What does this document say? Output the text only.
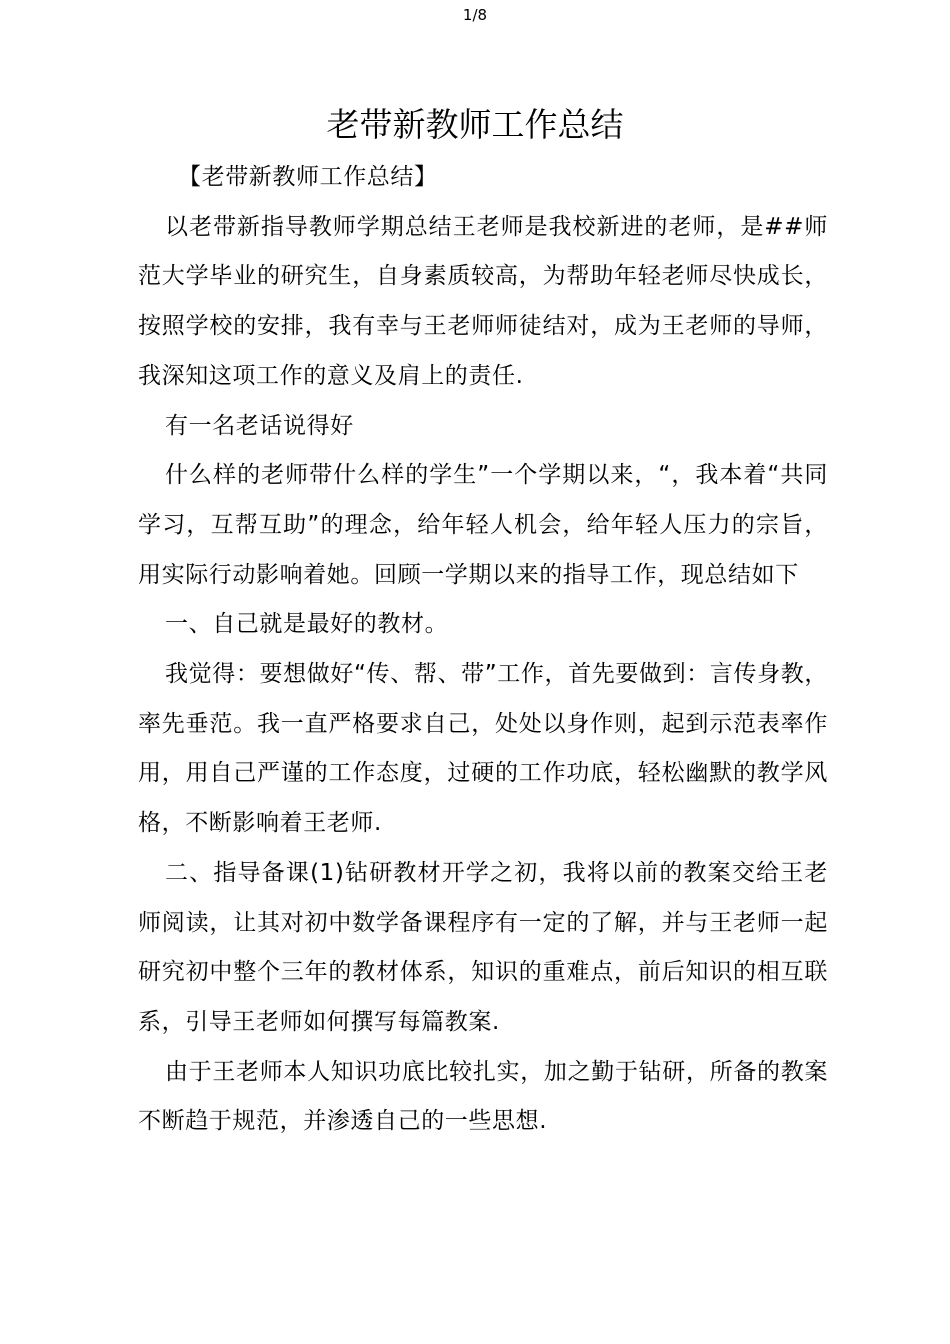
1/8
老带新教师工作总结

【老带新教师工作总结】

以老带新指导教师学期总结王老师是我校新进的老师，是##师范大学毕业的研究生，自身素质较高，为帮助年轻老师尽快成长，按照学校的安排，我有幸与王老师师徒结对，成为王老师的导师，我深知这项工作的意义及肩上的责任.

有一名老话说得好

什么样的老师带什么样的学生”一个学期以来，“，我本着“共同学习，互帮互助”的理念，给年轻人机会，给年轻人压力的宗旨，用实际行动影响着她。回顾一学期以来的指导工作，现总结如下

一、自己就是最好的教材。

我觉得：要想做好“传、帮、带”工作，首先要做到：言传身教，率先垂范。我一直严格要求自己，处处以身作则，起到示范表率作用，用自己严谨的工作态度，过硬的工作功底，轻松幽默的教学风格，不断影响着王老师.

二、指导备课(1)钻研教材开学之初，我将以前的教案交给王老师阅读，让其对初中数学备课程序有一定的了解，并与王老师一起研究初中整个三年的教材体系，知识的重难点，前后知识的相互联系，引导王老师如何撰写每篇教案.

由于王老师本人知识功底比较扎实，加之勤于钻研，所备的教案不断趋于规范，并渗透自己的一些思想.
